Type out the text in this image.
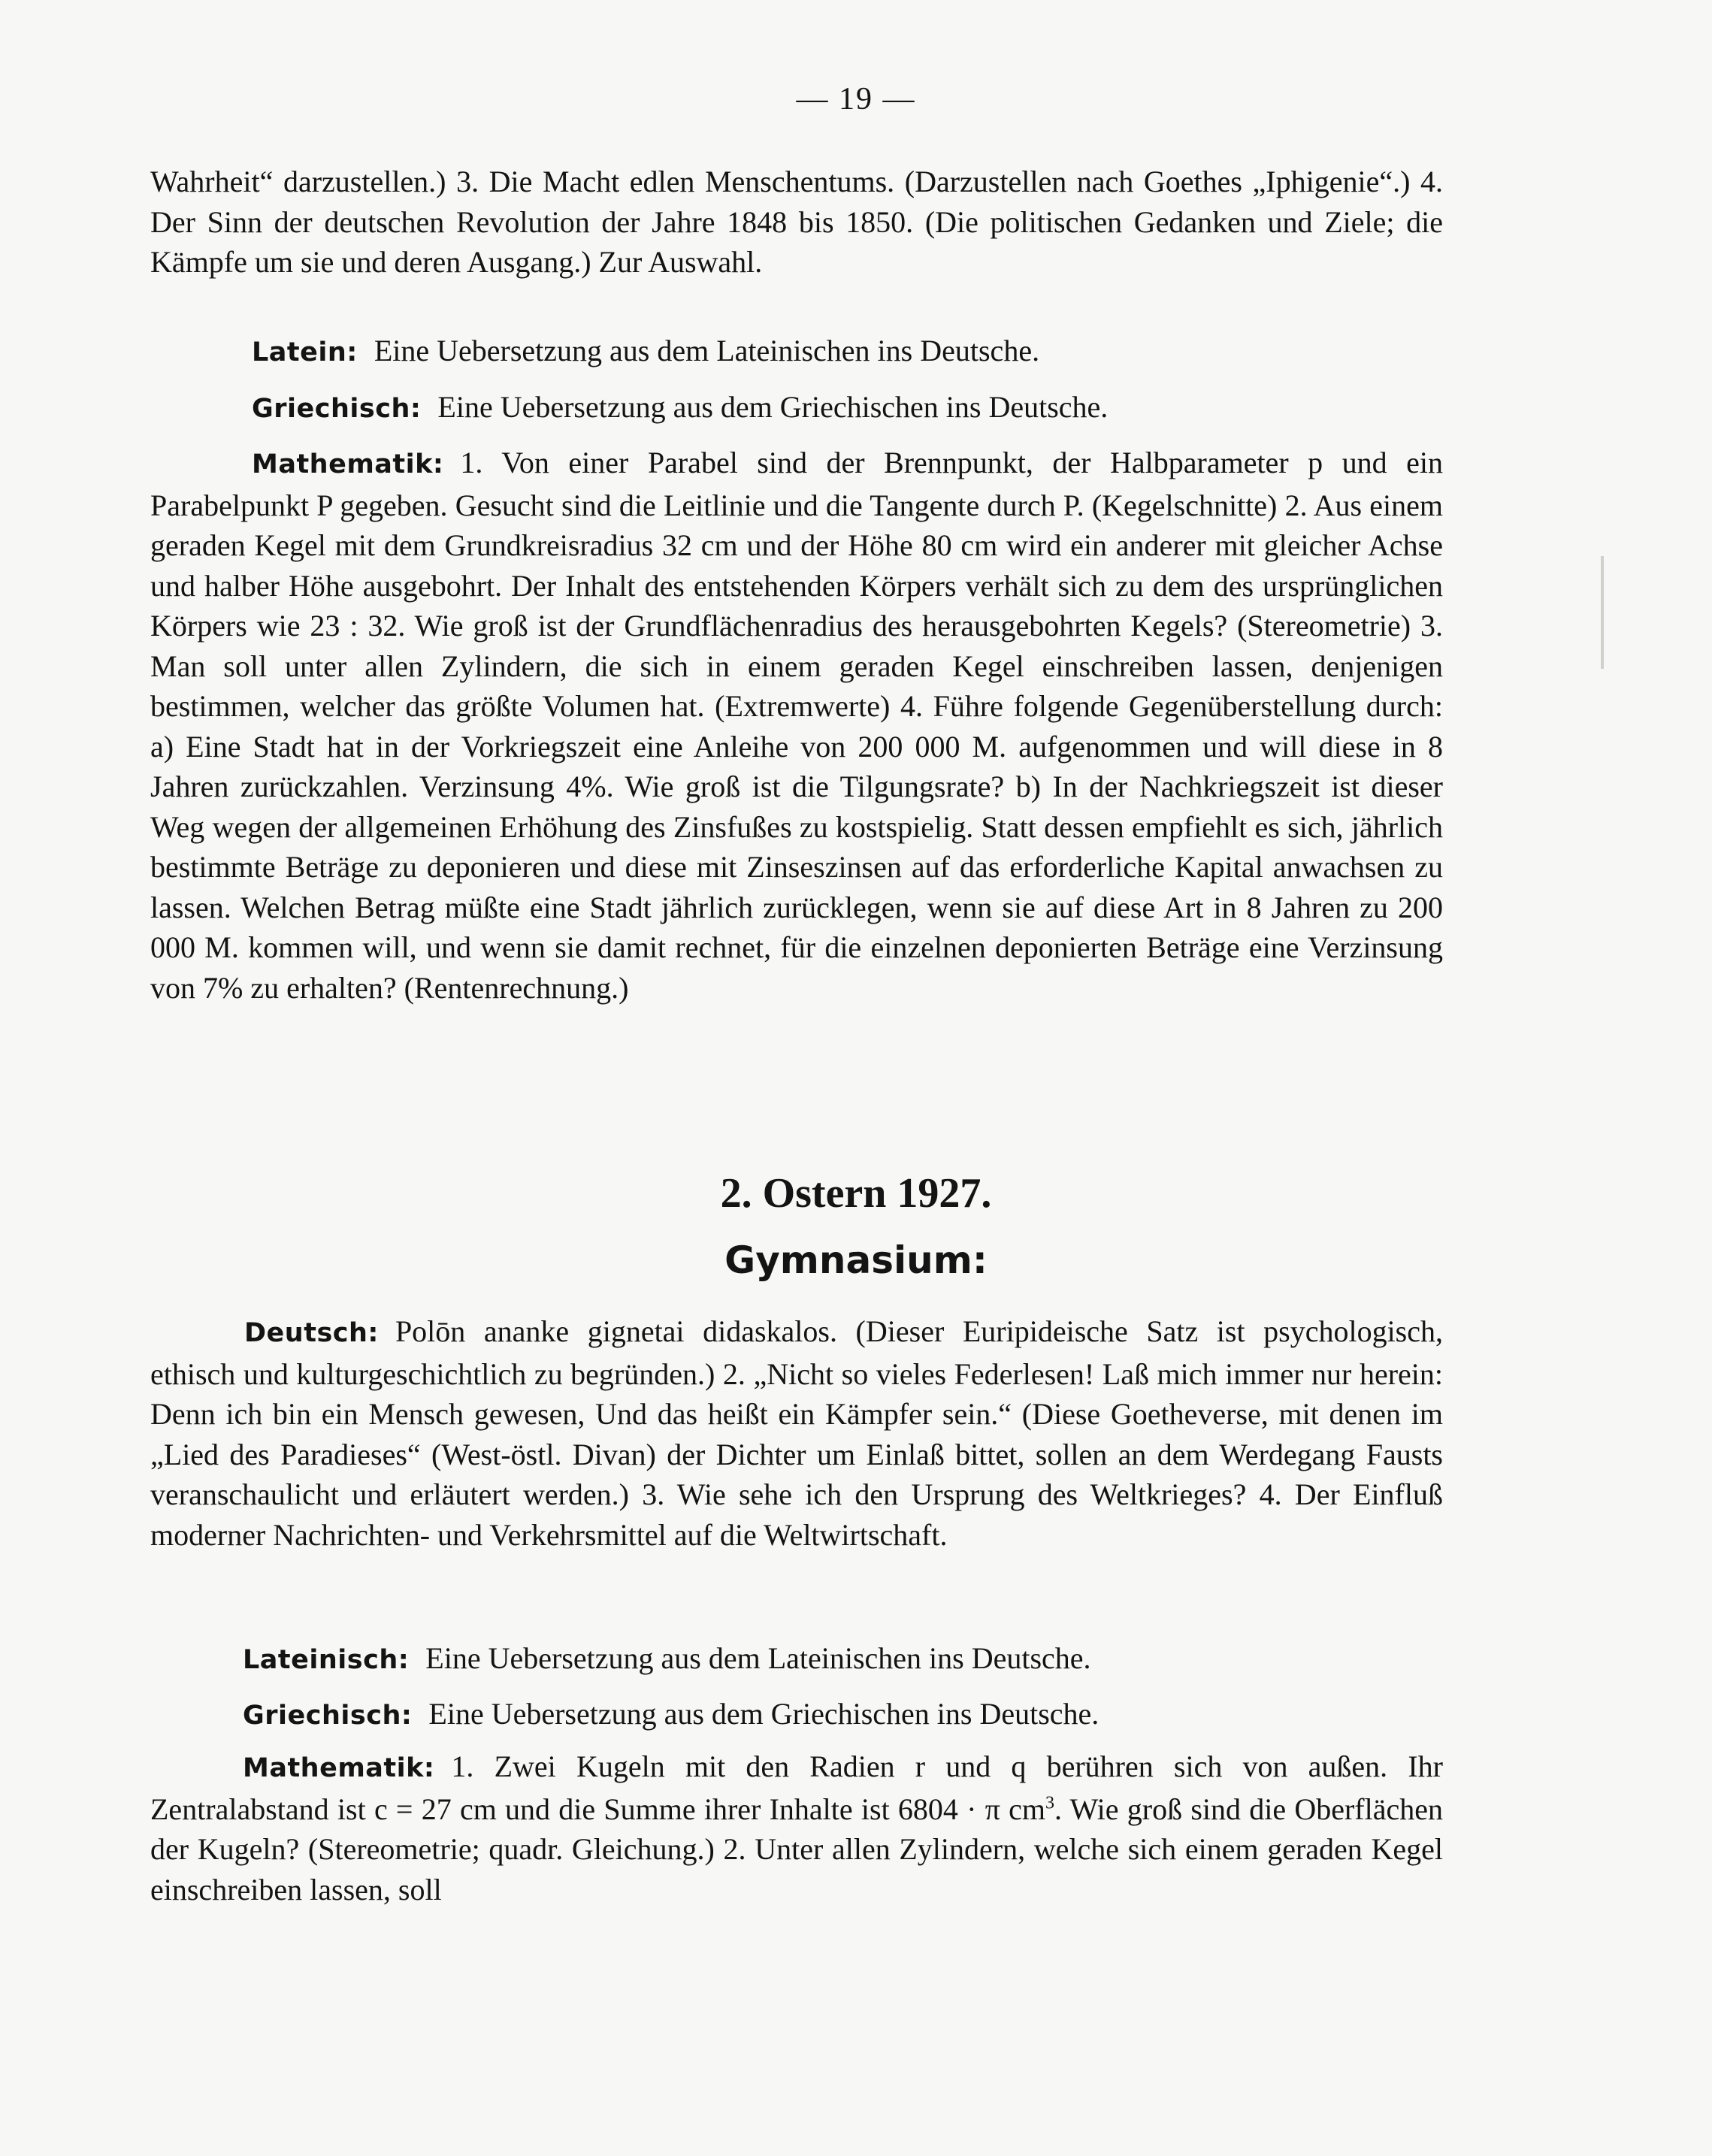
— 19 —

Wahrheit“ darzustellen.) 3. Die Macht edlen Menschentums. (Darzustellen nach Goethes „Iphigenie“.) 4. Der Sinn der deutschen Revolution der Jahre 1848 bis 1850. (Die politischen Gedanken und Ziele; die Kämpfe um sie und deren Ausgang.) Zur Auswahl.

Latein: Eine Uebersetzung aus dem Lateinischen ins Deutsche.
Griechisch: Eine Uebersetzung aus dem Griechischen ins Deutsche.

Mathematik: 1. Von einer Parabel sind der Brennpunkt, der Halbparameter p und ein Parabelpunkt P gegeben. Gesucht sind die Leitlinie und die Tangente durch P. (Kegelschnitte) 2. Aus einem geraden Kegel mit dem Grundkreisradius 32 cm und der Höhe 80 cm wird ein anderer mit gleicher Achse und halber Höhe ausgebohrt. Der Inhalt des entstehenden Körpers verhält sich zu dem des ursprünglichen Körpers wie 23 : 32. Wie groß ist der Grundflächenradius des herausgebohrten Kegels? (Stereometrie) 3. Man soll unter allen Zylindern, die sich in einem geraden Kegel einschreiben lassen, denjenigen bestimmen, welcher das größte Volumen hat. (Extremwerte) 4. Führe folgende Gegenüberstellung durch: a) Eine Stadt hat in der Vorkriegszeit eine Anleihe von 200 000 M. aufgenommen und will diese in 8 Jahren zurückzahlen. Verzinsung 4%. Wie groß ist die Tilgungsrate? b) In der Nachkriegszeit ist dieser Weg wegen der allgemeinen Erhöhung des Zinsfußes zu kostspielig. Statt dessen empfiehlt es sich, jährlich bestimmte Beträge zu deponieren und diese mit Zinseszinsen auf das erforderliche Kapital anwachsen zu lassen. Welchen Betrag müßte eine Stadt jährlich zurücklegen, wenn sie auf diese Art in 8 Jahren zu 200 000 M. kommen will, und wenn sie damit rechnet, für die einzelnen deponierten Beträge eine Verzinsung von 7% zu erhalten? (Rentenrechnung.)

2. Ostern 1927.
Gymnasium:

Deutsch: Polōn ananke gignetai didaskalos. (Dieser Euripideische Satz ist psychologisch, ethisch und kulturgeschichtlich zu begründen.) 2. „Nicht so vieles Federlesen! Laß mich immer nur herein: Denn ich bin ein Mensch gewesen, Und das heißt ein Kämpfer sein.“ (Diese Goetheverse, mit denen im „Lied des Paradieses“ (West-östl. Divan) der Dichter um Einlaß bittet, sollen an dem Werdegang Fausts veranschaulicht und erläutert werden.) 3. Wie sehe ich den Ursprung des Weltkrieges? 4. Der Einfluß moderner Nachrichten- und Verkehrsmittel auf die Weltwirtschaft.

Lateinisch: Eine Uebersetzung aus dem Lateinischen ins Deutsche.
Griechisch: Eine Uebersetzung aus dem Griechischen ins Deutsche.

Mathematik: 1. Zwei Kugeln mit den Radien r und q berühren sich von außen. Ihr Zentralabstand ist c = 27 cm und die Summe ihrer Inhalte ist 6804 · π $cm^3$. Wie groß sind die Oberflächen der Kugeln? (Stereometrie; quadr. Gleichung.) 2. Unter allen Zylindern, welche sich einem geraden Kegel einschreiben lassen, soll
